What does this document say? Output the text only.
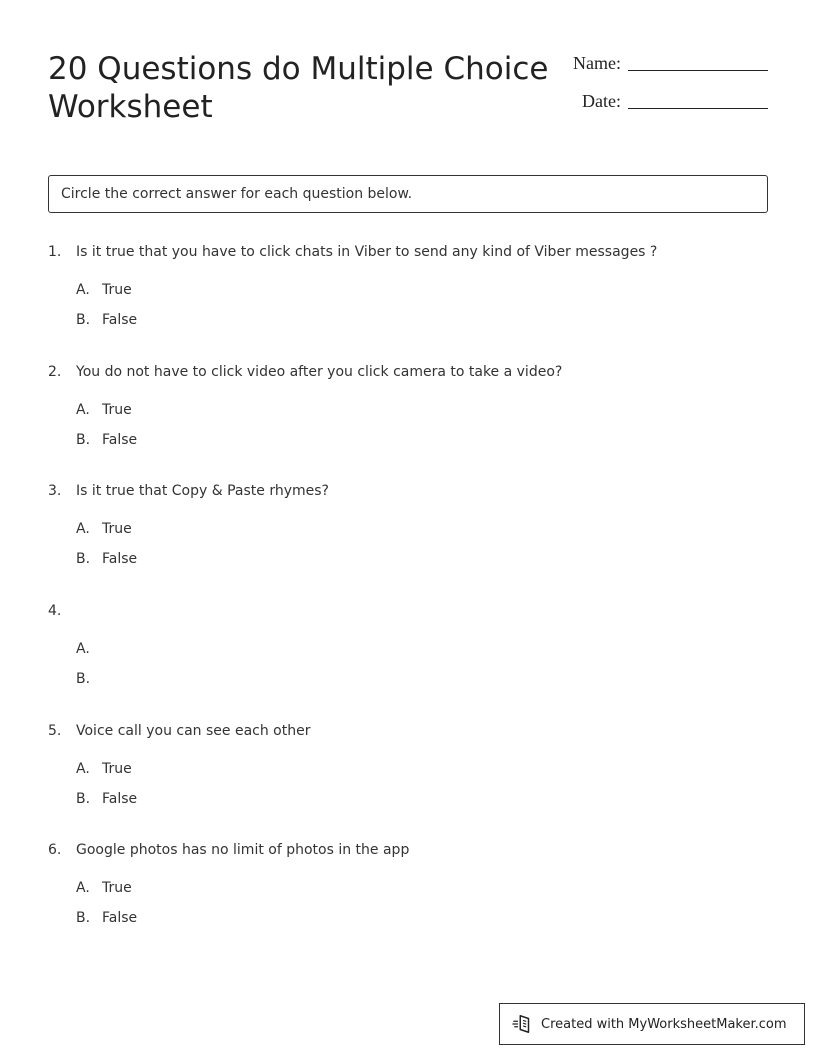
20 Questions do Multiple Choice Worksheet
Name:
Date:
Circle the correct answer for each question below.
1.	Is it true that you have to click chats in Viber to send any kind of Viber messages ?
A. True
B. False
2.	You do not have to click video after you click camera to take a video?
A. True
B. False
3.	Is it true that Copy & Paste rhymes?
A. True
B. False
4.
A.
B.
5.	Voice call you can see each other
A. True
B. False
6.	Google photos has no limit of photos in the app
A. True
B. False
Created with MyWorksheetMaker.com
